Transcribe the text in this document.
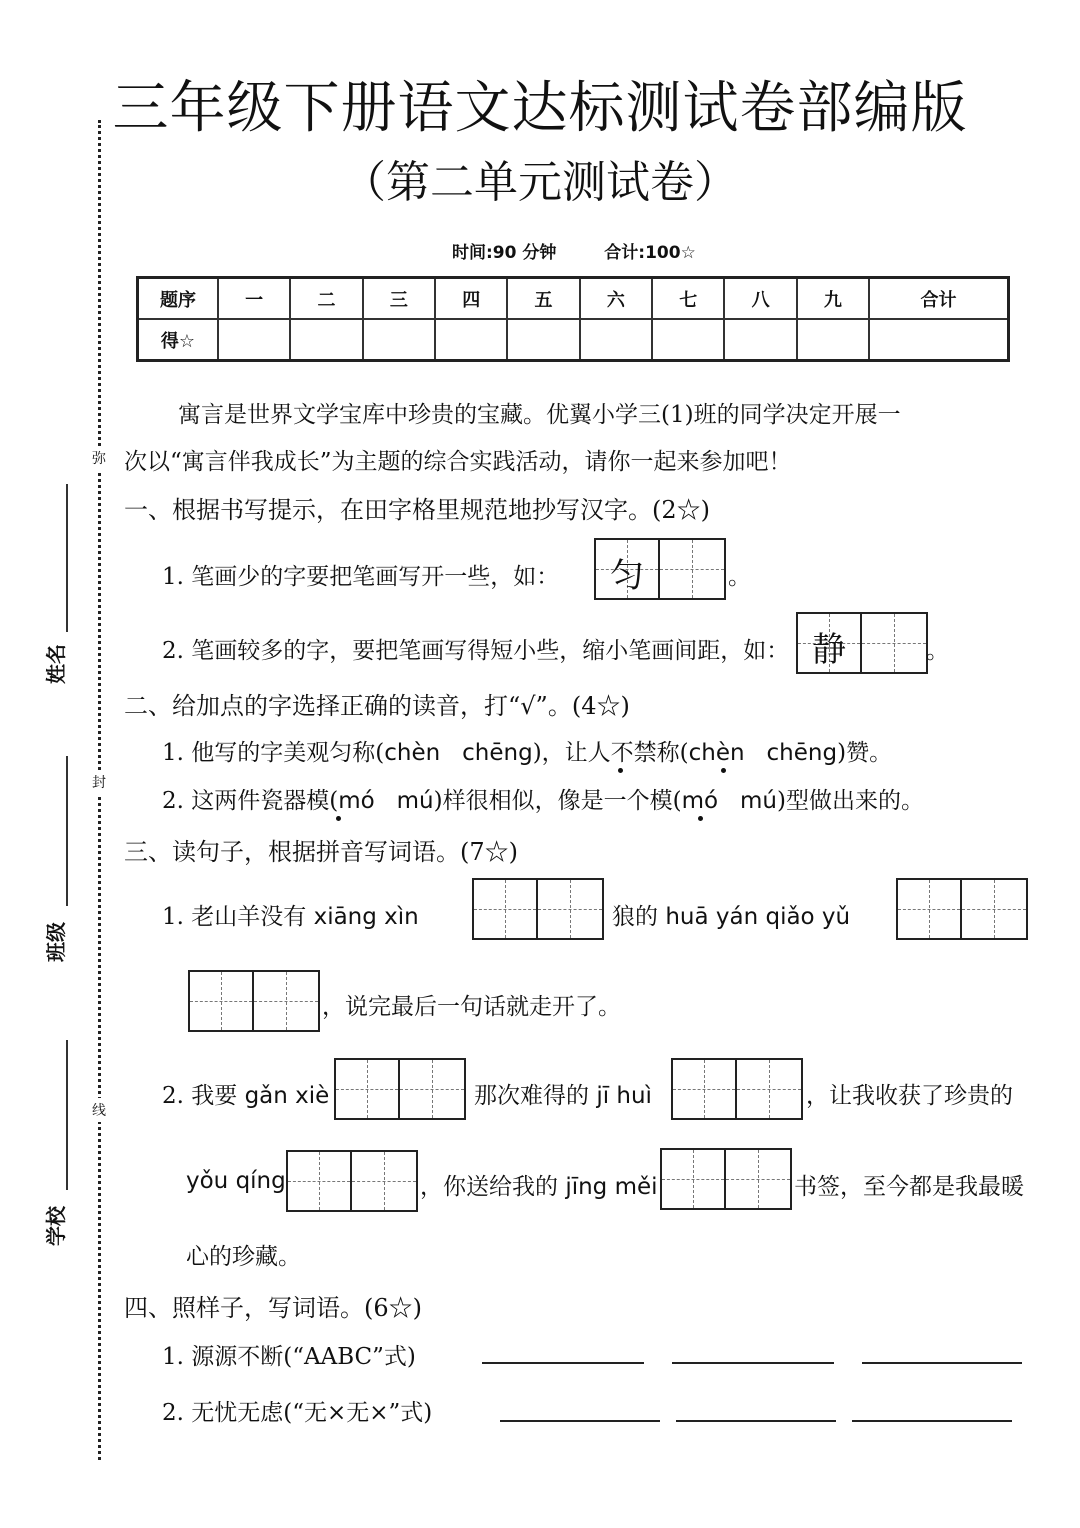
三年级下册语文达标测试卷部编版
（第二单元测试卷）
时间:90 分钟	合计:100☆
弥
封
线
姓名
班级
学校
题序	一	二	三	四	五	六	七	八	九	合计
得☆										
寓言是世界文学宝库中珍贵的宝藏。优翼小学三(1)班的同学决定开展一
次以“寓言伴我成长”为主题的综合实践活动，请你一起来参加吧！
一、根据书写提示，在田字格里规范地抄写汉字。(2☆)
1. 笔画少的字要把笔画写开一些，如：	匀	。
2. 笔画较多的字，要把笔画写得短小些，缩小笔画间距，如： 静	。
二、给加点的字选择正确的读音，打“√”。(4☆)
1. 他写的字美观匀称(chèn chēng)，让人不禁称(chèn chēng)赞。
2. 这两件瓷器模(mó mú)样很相似，像是一个模(mó mú)型做出来的。
三、读句子，根据拼音写词语。(7☆)
1. 老山羊没有 xiāng xìn	狼的 huā yán qiǎo yǔ
，说完最后一句话就走开了。
2. 我要 gǎn xiè	那次难得的 jī huì	，让我收获了珍贵的
yǒu qíng	，你送给我的 jīng měi	书签，至今都是我最暖
心的珍藏。
四、照样子，写词语。(6☆)
1. 源源不断(“AABC”式)
2. 无忧无虑(“无×无×”式)
